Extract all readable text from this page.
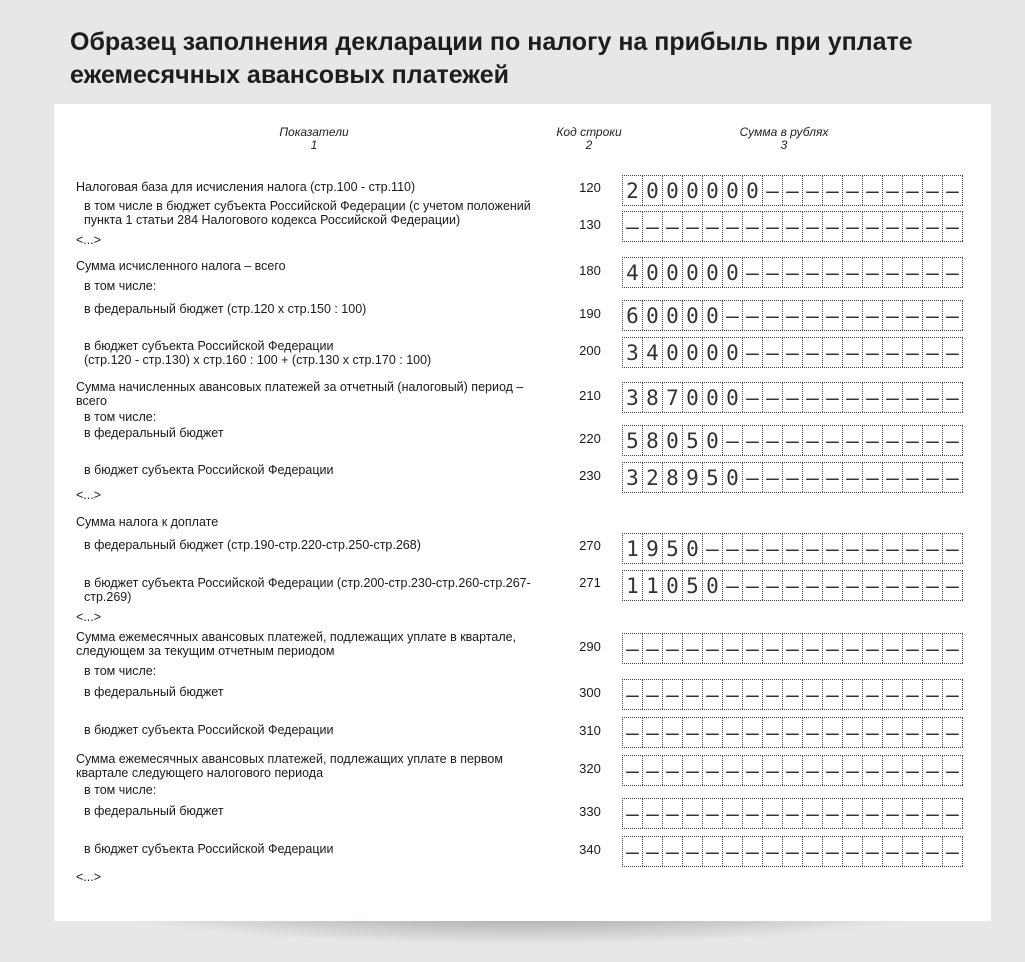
Образец заполнения декларации по налогу на прибыль при уплате ежемесячных авансовых платежей
Показатели
1
Код строки
2
Сумма в рублях
3
Налоговая база для исчисления налога (стр.100 - стр.110)
в том числе в бюджет субъекта Российской Федерации (с учетом положений
пункта 1 статьи 284 Налогового кодекса Российской Федерации)
<...>
Сумма исчисленного налога – всего
в том числе:
в федеральный бюджет (стр.120 х стр.150 : 100)
в бюджет субъекта Российской Федерации
(стр.120 - стр.130) х стр.160 : 100 + (стр.130 х стр.170 : 100)
Сумма начисленных авансовых платежей за отчетный (налоговый) период –
всего
в том числе:
в федеральный бюджет
в бюджет субъекта Российской Федерации
<...>
Сумма налога к доплате
в федеральный бюджет (стр.190-стр.220-стр.250-стр.268)
в бюджет субъекта Российской Федерации (стр.200-стр.230-стр.260-стр.267-
стр.269)
<...>
Сумма ежемесячных авансовых платежей, подлежащих уплате в квартале,
следующем за текущим отчетным периодом
в том числе:
в федеральный бюджет
в бюджет субъекта Российской Федерации
Сумма ежемесячных авансовых платежей, подлежащих уплате в первом
квартале следующего налогового периода
в том числе:
в федеральный бюджет
в бюджет субъекта Российской Федерации
<...>
120
130
180
190
200
210
220
230
270
271
290
300
310
320
330
340
2 0 0 0 0 0 0 – – – – – – – – – –
– – – – – – – – – – – – – – – – –
4 0 0 0 0 0 – – – – – – – – – – –
6 0 0 0 0 – – – – – – – – – – – –
3 4 0 0 0 0 – – – – – – – – – – –
3 8 7 0 0 0 – – – – – – – – – – –
5 8 0 5 0 – – – – – – – – – – – –
3 2 8 9 5 0 – – – – – – – – – – –
1 9 5 0 – – – – – – – – – – – – –
1 1 0 5 0 – – – – – – – – – – – –
– – – – – – – – – – – – – – – – –
– – – – – – – – – – – – – – – – –
– – – – – – – – – – – – – – – – –
– – – – – – – – – – – – – – – – –
– – – – – – – – – – – – – – – – –
– – – – – – – – – – – – – – – – –
